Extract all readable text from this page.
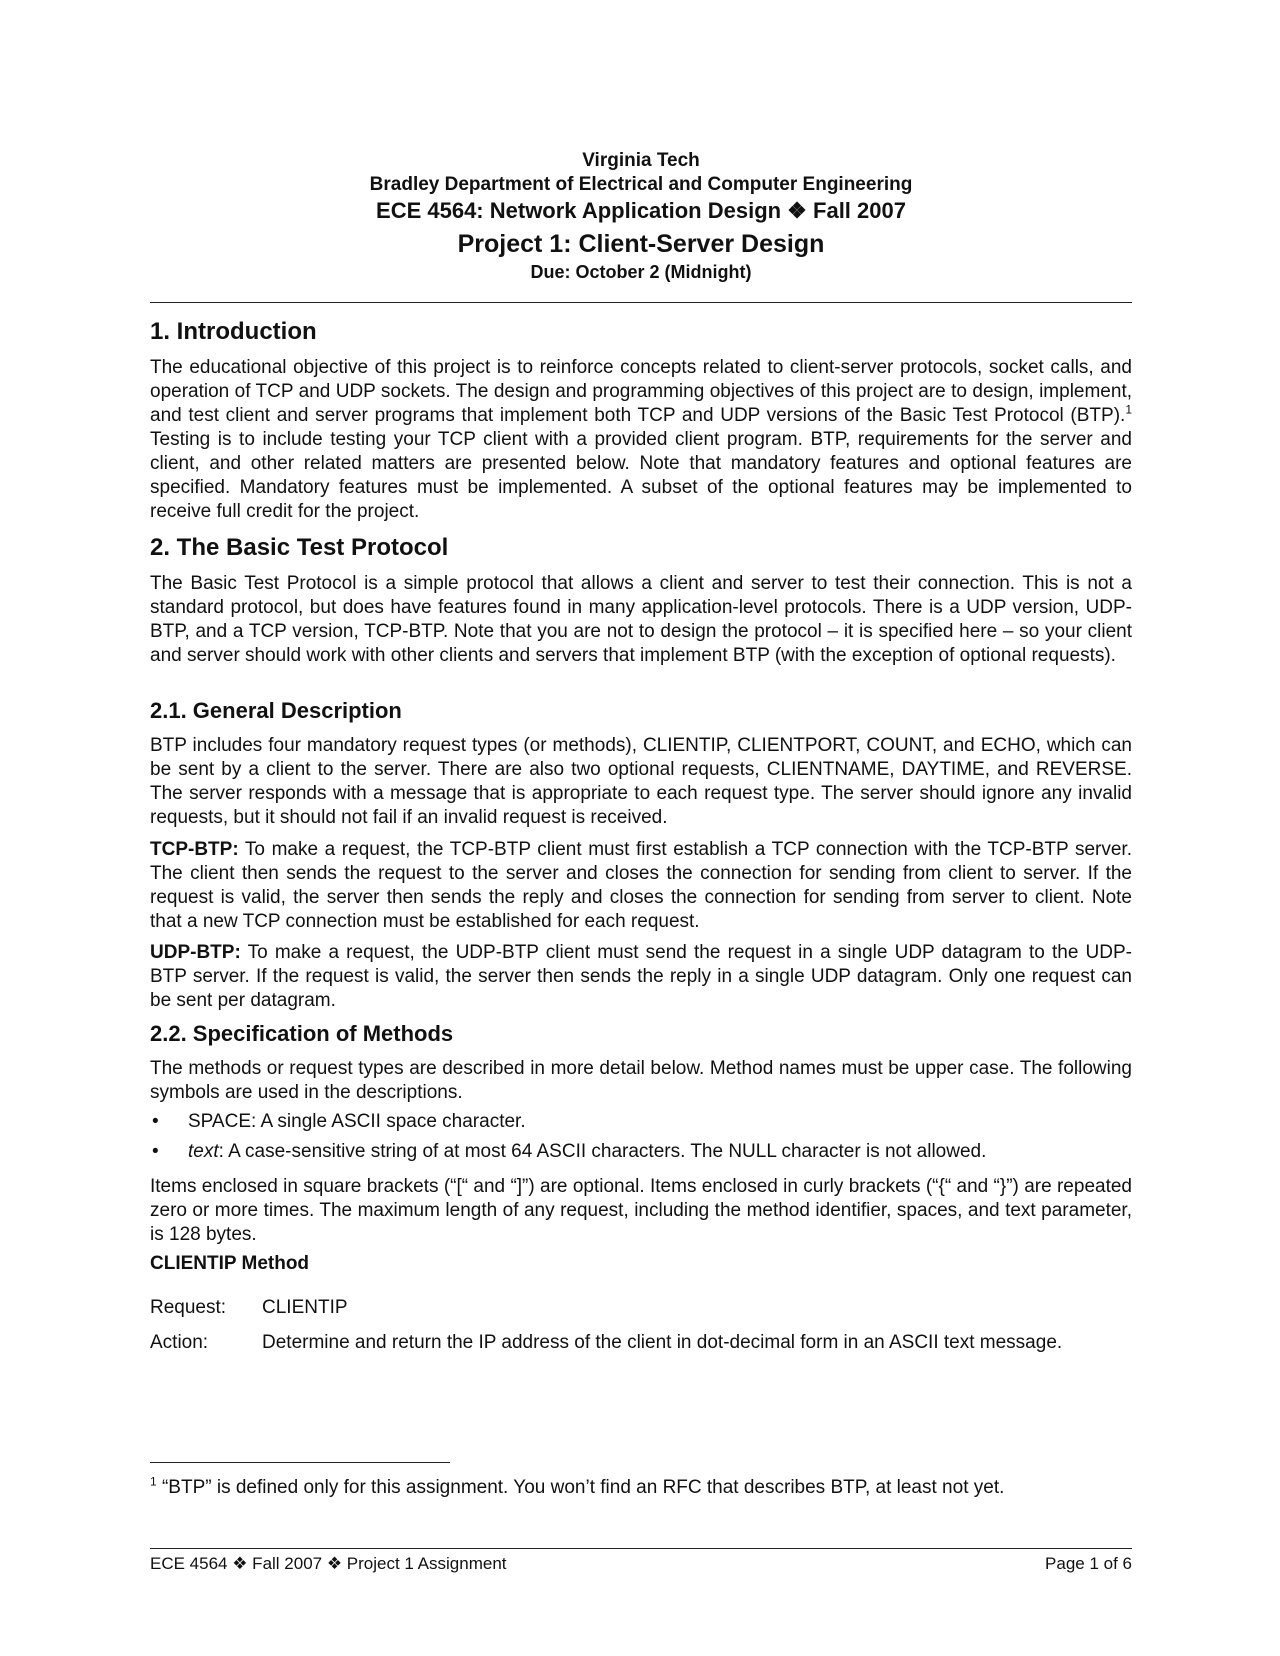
Virginia Tech
Bradley Department of Electrical and Computer Engineering
ECE 4564: Network Application Design ❖ Fall 2007
Project 1: Client-Server Design
Due: October 2 (Midnight)
1. Introduction
The educational objective of this project is to reinforce concepts related to client-server protocols, socket calls, and operation of TCP and UDP sockets. The design and programming objectives of this project are to design, implement, and test client and server programs that implement both TCP and UDP versions of the Basic Test Protocol (BTP).$^1$ Testing is to include testing your TCP client with a provided client program. BTP, requirements for the server and client, and other related matters are presented below. Note that mandatory features and optional features are specified. Mandatory features must be implemented. A subset of the optional features may be implemented to receive full credit for the project.
2. The Basic Test Protocol
The Basic Test Protocol is a simple protocol that allows a client and server to test their connection. This is not a standard protocol, but does have features found in many application-level protocols. There is a UDP version, UDP-BTP, and a TCP version, TCP-BTP. Note that you are not to design the protocol – it is specified here – so your client and server should work with other clients and servers that implement BTP (with the exception of optional requests).
2.1. General Description
BTP includes four mandatory request types (or methods), CLIENTIP, CLIENTPORT, COUNT, and ECHO, which can be sent by a client to the server. There are also two optional requests, CLIENTNAME, DAYTIME, and REVERSE. The server responds with a message that is appropriate to each request type. The server should ignore any invalid requests, but it should not fail if an invalid request is received.
TCP-BTP: To make a request, the TCP-BTP client must first establish a TCP connection with the TCP-BTP server. The client then sends the request to the server and closes the connection for sending from client to server. If the request is valid, the server then sends the reply and closes the connection for sending from server to client. Note that a new TCP connection must be established for each request.
UDP-BTP: To make a request, the UDP-BTP client must send the request in a single UDP datagram to the UDP-BTP server. If the request is valid, the server then sends the reply in a single UDP datagram. Only one request can be sent per datagram.
2.2. Specification of Methods
The methods or request types are described in more detail below. Method names must be upper case. The following symbols are used in the descriptions.
• SPACE: A single ASCII space character.
• text: A case-sensitive string of at most 64 ASCII characters. The NULL character is not allowed.
Items enclosed in square brackets (“[“ and “]”) are optional. Items enclosed in curly brackets (“{“ and “}”) are repeated zero or more times. The maximum length of any request, including the method identifier, spaces, and text parameter, is 128 bytes.
CLIENTIP Method
Request: CLIENTIP
Action:	Determine and return the IP address of the client in dot-decimal form in an ASCII text message.
$^1$ “BTP” is defined only for this assignment. You won’t find an RFC that describes BTP, at least not yet.
ECE 4564 ❖ Fall 2007 ❖ Project 1 Assignment	Page 1 of 6
